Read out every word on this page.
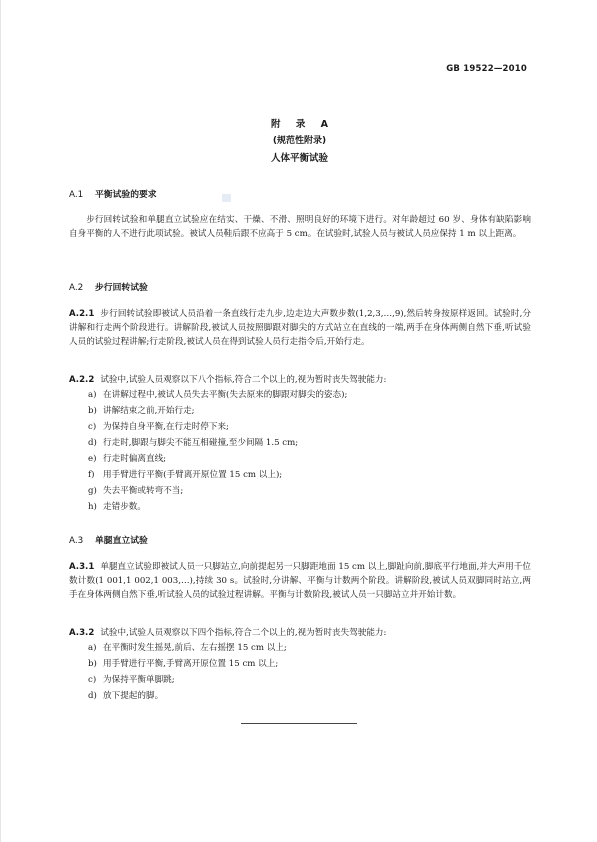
GB 19522—2010
附 录 A
(规范性附录)
人体平衡试验
A.1 平衡试验的要求
步行回转试验和单腿直立试验应在结实、干燥、不滑、照明良好的环境下进行。对年龄超过 60 岁、身体有缺陷影响自身平衡的人不进行此项试验。被试人员鞋后跟不应高于 5 cm。在试验时,试验人员与被试人员应保持 1 m 以上距离。
A.2 步行回转试验
A.2.1 步行回转试验即被试人员沿着一条直线行走九步,边走边大声数步数(1,2,3,…,9),然后转身按原样返回。试验时,分讲解和行走两个阶段进行。讲解阶段,被试人员按照脚跟对脚尖的方式站立在直线的一端,两手在身体两侧自然下垂,听试验人员的试验过程讲解;行走阶段,被试人员在得到试验人员行走指令后,开始行走。
A.2.2 试验中,试验人员观察以下八个指标,符合二个以上的,视为暂时丧失驾驶能力:
a) 在讲解过程中,被试人员失去平衡(失去原来的脚跟对脚尖的姿态);
b) 讲解结束之前,开始行走;
c) 为保持自身平衡,在行走时停下来;
d) 行走时,脚跟与脚尖不能互相碰撞,至少间隔 1.5 cm;
e) 行走时偏离直线;
f) 用手臂进行平衡(手臂离开原位置 15 cm 以上);
g) 失去平衡或转弯不当;
h) 走错步数。
A.3 单腿直立试验
A.3.1 单腿直立试验即被试人员一只脚站立,向前提起另一只脚距地面 15 cm 以上,脚趾向前,脚底平行地面,并大声用千位数计数(1 001,1 002,1 003,…),持续 30 s。试验时,分讲解、平衡与计数两个阶段。讲解阶段,被试人员双脚同时站立,两手在身体两侧自然下垂,听试验人员的试验过程讲解。平衡与计数阶段,被试人员一只脚站立并开始计数。
A.3.2 试验中,试验人员观察以下四个指标,符合二个以上的,视为暂时丧失驾驶能力:
a) 在平衡时发生摇晃,前后、左右摇摆 15 cm 以上;
b) 用手臂进行平衡,手臂离开原位置 15 cm 以上;
c) 为保持平衡单脚跳;
d) 放下提起的脚。
